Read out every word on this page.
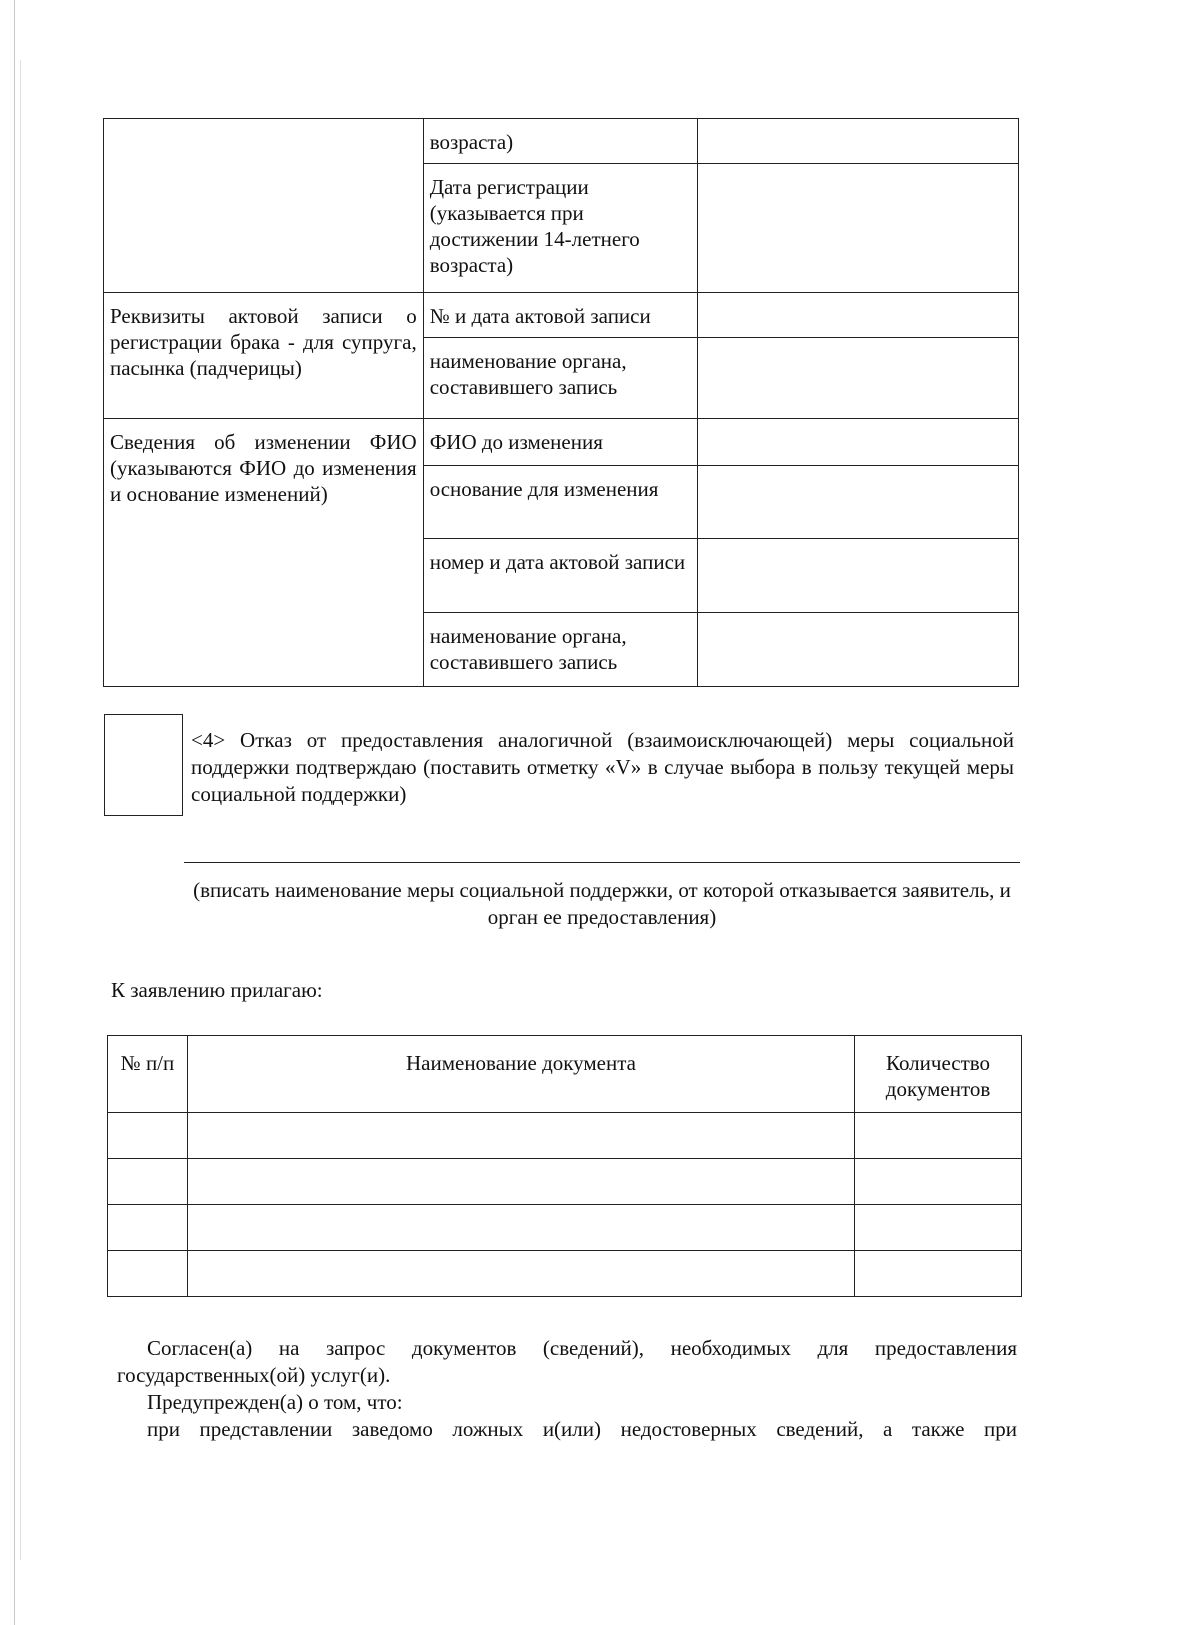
	возраста)	

	Дата регистрации (указывается при достижении 14-летнего возраста)	

Реквизиты актовой записи о регистрации брака - для супруга, пасынка (падчерицы)	№ и дата актовой записи	

	наименование органа, составившего запись	

Сведения об изменении ФИО (указываются ФИО до изменения и основание изменений)	ФИО до изменения	

	основание для изменения	

	номер и дата актовой записи	

	наименование органа, составившего запись	

<4> Отказ от предоставления аналогичной (взаимоисключающей) меры социальной поддержки подтверждаю (поставить отметку «V» в случае выбора в пользу текущей меры социальной поддержки)
(вписать наименование меры социальной поддержки, от которой отказывается заявитель, и орган ее предоставления)
К заявлению прилагаю:
№ п/п	Наименование документа	Количество документов

Согласен(а) на запрос документов (сведений), необходимых для предоставления

государственных(ой) услуг(и).

Предупрежден(а) о том, что:

при представлении заведомо ложных и(или) недостоверных сведений, а также при
